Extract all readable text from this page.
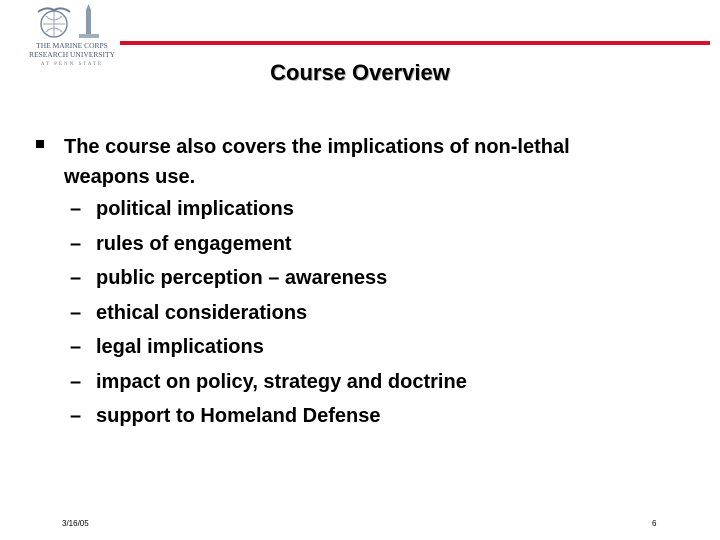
THE MARINE CORPS
RESEARCH UNIVERSITY
AT PENN STATE	Course Overview
The course also covers the implications of non-lethal weapons use.
– political implications
– rules of engagement
– public perception – awareness
– ethical considerations
– legal implications
– impact on policy, strategy and doctrine
– support to Homeland Defense
3/16/05	6
